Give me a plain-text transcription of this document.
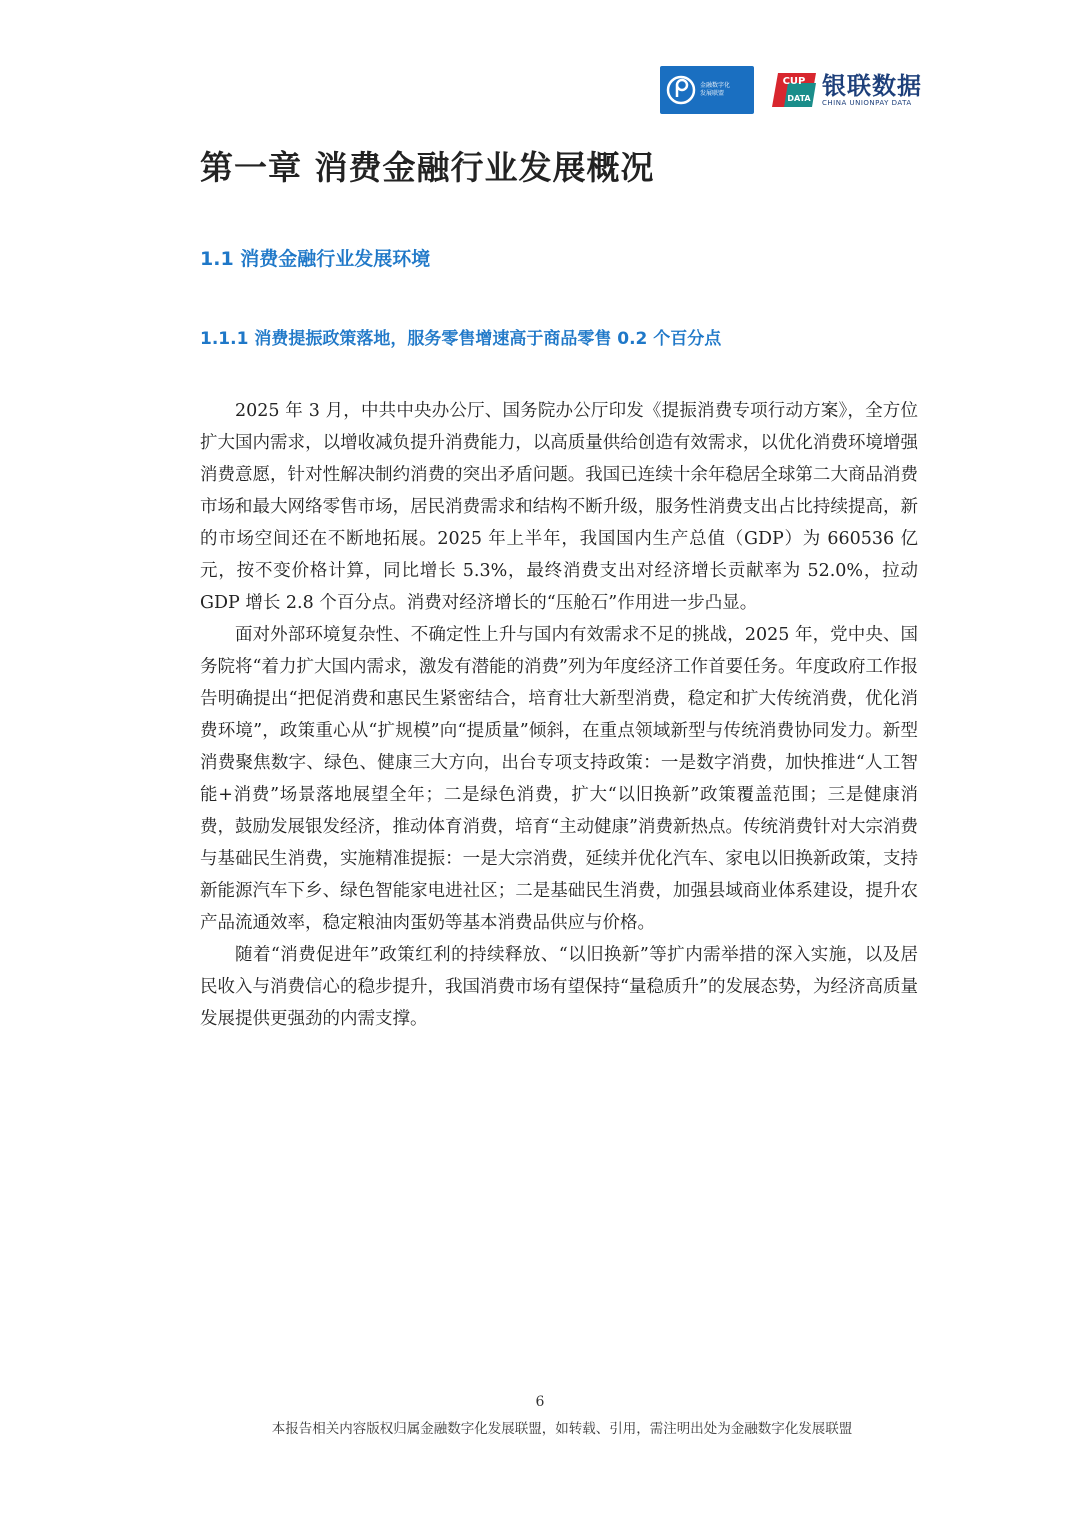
金融数字化
发展联盟
CUP
DATA 银联数据
CHINA UNIONPAY DATA
第一章 消费金融行业发展概况
1.1 消费金融行业发展环境
1.1.1 消费提振政策落地，服务零售增速高于商品零售 0.2 个百分点

2025 年 3 月，中共中央办公厅、国务院办公厅印发《提振消费专项行动方案》，全方位扩大国内需求，以增收减负提升消费能力，以高质量供给创造有效需求，以优化消费环境增强消费意愿，针对性解决制约消费的突出矛盾问题。我国已连续十余年稳居全球第二大商品消费市场和最大网络零售市场，居民消费需求和结构不断升级，服务性消费支出占比持续提高，新的市场空间还在不断地拓展。2025 年上半年，我国国内生产总值（GDP）为 660536 亿元，按不变价格计算，同比增长 5.3%，最终消费支出对经济增长贡献率为 52.0%，拉动 GDP 增长 2.8 个百分点。消费对经济增长的“压舱石”作用进一步凸显。

面对外部环境复杂性、不确定性上升与国内有效需求不足的挑战，2025 年，党中央、国务院将“着力扩大国内需求，激发有潜能的消费”列为年度经济工作首要任务。年度政府工作报告明确提出“把促消费和惠民生紧密结合，培育壮大新型消费，稳定和扩大传统消费，优化消费环境”，政策重心从“扩规模”向“提质量”倾斜，在重点领域新型与传统消费协同发力。新型消费聚焦数字、绿色、健康三大方向，出台专项支持政策：一是数字消费，加快推进“人工智能+消费”场景落地展望全年；二是绿色消费，扩大“以旧换新”政策覆盖范围；三是健康消费，鼓励发展银发经济，推动体育消费，培育“主动健康”消费新热点。传统消费针对大宗消费与基础民生消费，实施精准提振：一是大宗消费，延续并优化汽车、家电以旧换新政策，支持新能源汽车下乡、绿色智能家电进社区；二是基础民生消费，加强县域商业体系建设，提升农产品流通效率，稳定粮油肉蛋奶等基本消费品供应与价格。

随着“消费促进年”政策红利的持续释放、“以旧换新”等扩内需举措的深入实施，以及居民收入与消费信心的稳步提升，我国消费市场有望保持“量稳质升”的发展态势，为经济高质量发展提供更强劲的内需支撑。

6
本报告相关内容版权归属金融数字化发展联盟，如转载、引用，需注明出处为金融数字化发展联盟
